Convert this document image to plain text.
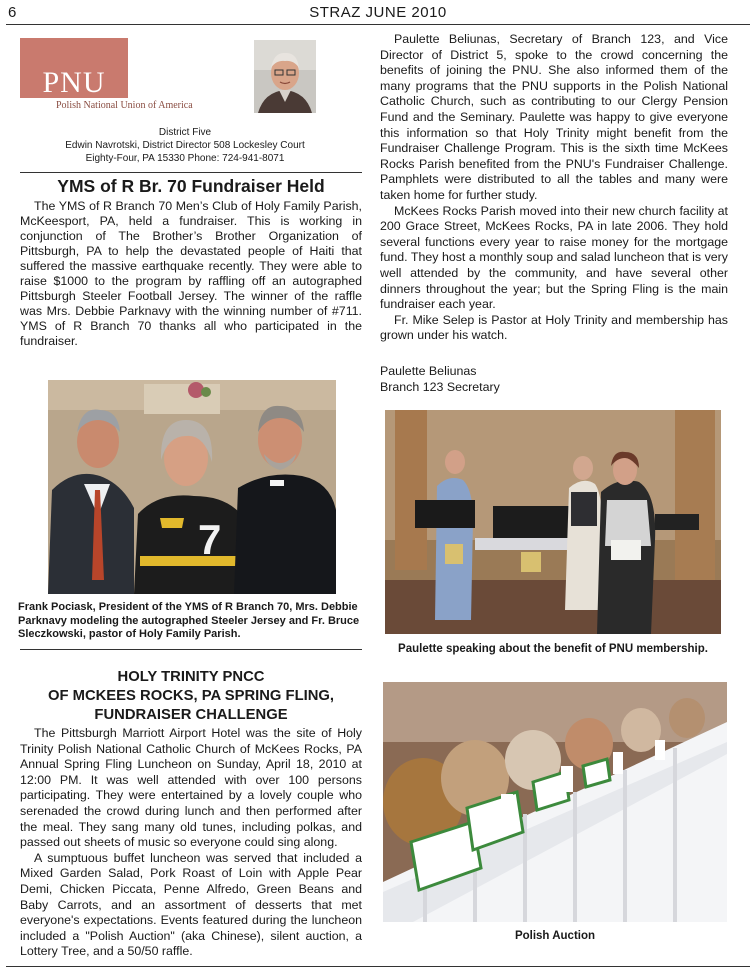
6	STRAZ JUNE 2010
PNU
Polish National Union of America
District Five
Edwin Navrotski, District Director 508 Lockesley Court
Eighty-Four, PA 15330 Phone: 724-941-8071
YMS of R Br. 70 Fundraiser Held

The YMS of R Branch 70 Men’s Club of Holy Family Parish, McKeesport, PA, held a fundraiser. This is working in conjunction of The Brother’s Brother Organization of Pittsburgh, PA to help the devastated people of Haiti that suffered the massive earthquake recently. They were able to raise $1000 to the program by raffling off an autographed Pittsburgh Steeler Football Jersey. The winner of the raffle was Mrs. Debbie Parknavy with the winning number of #711. YMS of R Branch 70 thanks all who participated in the fundraiser.

7
Frank Pociask, President of the YMS of R Branch 70, Mrs. Debbie Parknavy modeling the autographed Steeler Jersey and Fr. Bruce Sleczkowski, pastor of Holy Family Parish.
HOLY TRINITY PNCC
OF MCKEES ROCKS, PA SPRING FLING,
FUNDRAISER CHALLENGE

The Pittsburgh Marriott Airport Hotel was the site of Holy Trinity Polish National Catholic Church of McKees Rocks, PA Annual Spring Fling Luncheon on Sunday, April 18, 2010 at 12:00 PM. It was well attended with over 100 persons participating. They were entertained by a lovely couple who serenaded the crowd during lunch and then performed after the meal. They sang many old tunes, including polkas, and passed out sheets of music so everyone could sing along.

A sumptuous buffet luncheon was served that included a Mixed Garden Salad, Pork Roast of Loin with Apple Pear Demi, Chicken Piccata, Penne Alfredo, Green Beans and Baby Carrots, and an assortment of desserts that met everyone's expectations. Events featured during the luncheon included a "Polish Auction" (aka Chinese), silent auction, a Lottery Tree, and a 50/50 raffle.

Paulette Beliunas, Secretary of Branch 123, and Vice Director of District 5, spoke to the crowd concerning the benefits of joining the PNU. She also informed them of the many programs that the PNU supports in the Polish National Catholic Church, such as contributing to our Clergy Pension Fund and the Seminary. Paulette was happy to give everyone this information so that Holy Trinity might benefit from the Fundraiser Challenge Program. This is the sixth time McKees Rocks Parish benefited from the PNU's Fundraiser Challenge. Pamphlets were distributed to all the tables and many were taken home for further study.

McKees Rocks Parish moved into their new church facility at 200 Grace Street, McKees Rocks, PA in late 2006. They hold several functions every year to raise money for the mortgage fund. They host a monthly soup and salad luncheon that is very well attended by the community, and have several other dinners throughout the year; but the Spring Fling is the main fundraiser each year.

Fr. Mike Selep is Pastor at Holy Trinity and membership has grown under his watch.

Paulette Beliunas
Branch 123 Secretary
Paulette speaking about the benefit of PNU membership.
Polish Auction
